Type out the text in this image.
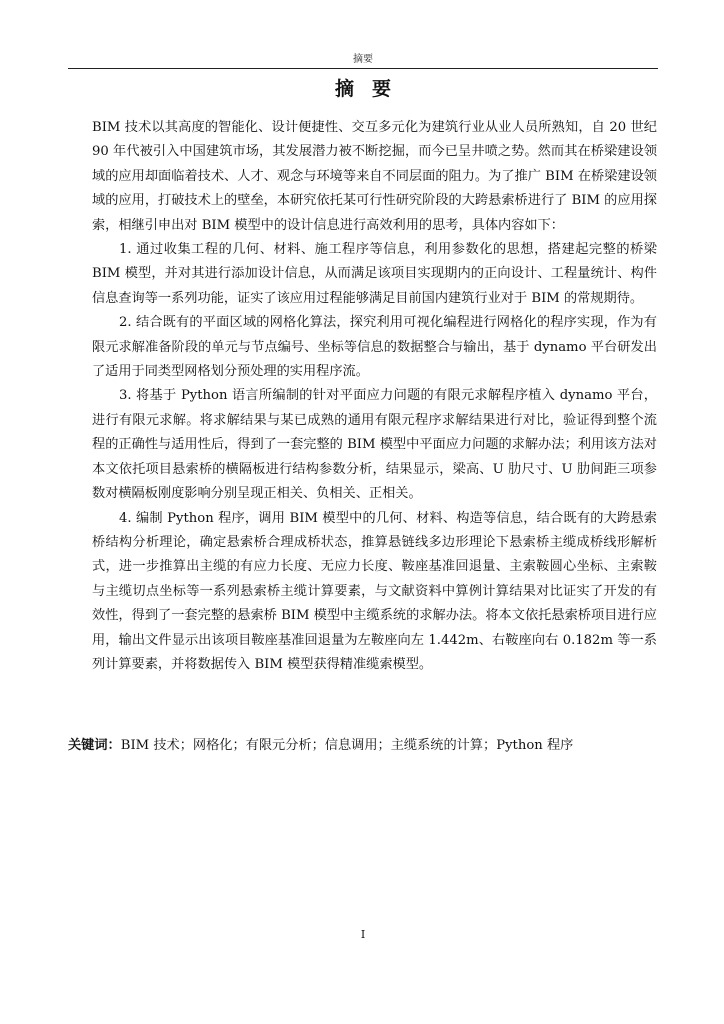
摘要
摘要

BIM 技术以其高度的智能化、设计便捷性、交互多元化为建筑行业从业人员所熟知，自 20 世纪 90 年代被引入中国建筑市场，其发展潜力被不断挖掘，而今已呈井喷之势。然而其在桥梁建设领域的应用却面临着技术、人才、观念与环境等来自不同层面的阻力。为了推广 BIM 在桥梁建设领域的应用，打破技术上的壁垒，本研究依托某可行性研究阶段的大跨悬索桥进行了 BIM 的应用探索，相继引申出对 BIM 模型中的设计信息进行高效利用的思考，具体内容如下：

1. 通过收集工程的几何、材料、施工程序等信息，利用参数化的思想，搭建起完整的桥梁 BIM 模型，并对其进行添加设计信息，从而满足该项目实现期内的正向设计、工程量统计、构件信息查询等一系列功能，证实了该应用过程能够满足目前国内建筑行业对于 BIM 的常规期待。

2. 结合既有的平面区域的网格化算法，探究利用可视化编程进行网格化的程序实现，作为有限元求解准备阶段的单元与节点编号、坐标等信息的数据整合与输出，基于 dynamo 平台研发出了适用于同类型网格划分预处理的实用程序流。

3. 将基于 Python 语言所编制的针对平面应力问题的有限元求解程序植入 dynamo 平台，进行有限元求解。将求解结果与某已成熟的通用有限元程序求解结果进行对比，验证得到整个流程的正确性与适用性后，得到了一套完整的 BIM 模型中平面应力问题的求解办法；利用该方法对本文依托项目悬索桥的横隔板进行结构参数分析，结果显示，梁高、U 肋尺寸、U 肋间距三项参数对横隔板刚度影响分别呈现正相关、负相关、正相关。

4. 编制 Python 程序，调用 BIM 模型中的几何、材料、构造等信息，结合既有的大跨悬索桥结构分析理论，确定悬索桥合理成桥状态，推算悬链线多边形理论下悬索桥主缆成桥线形解析式，进一步推算出主缆的有应力长度、无应力长度、鞍座基准回退量、主索鞍圆心坐标、主索鞍与主缆切点坐标等一系列悬索桥主缆计算要素，与文献资料中算例计算结果对比证实了开发的有效性，得到了一套完整的悬索桥 BIM 模型中主缆系统的求解办法。将本文依托悬索桥项目进行应用，输出文件显示出该项目鞍座基准回退量为左鞍座向左 1.442m、右鞍座向右 0.182m 等一系列计算要素，并将数据传入 BIM 模型获得精准缆索模型。

关键词：BIM 技术；网格化；有限元分析；信息调用；主缆系统的计算；Python 程序
I
